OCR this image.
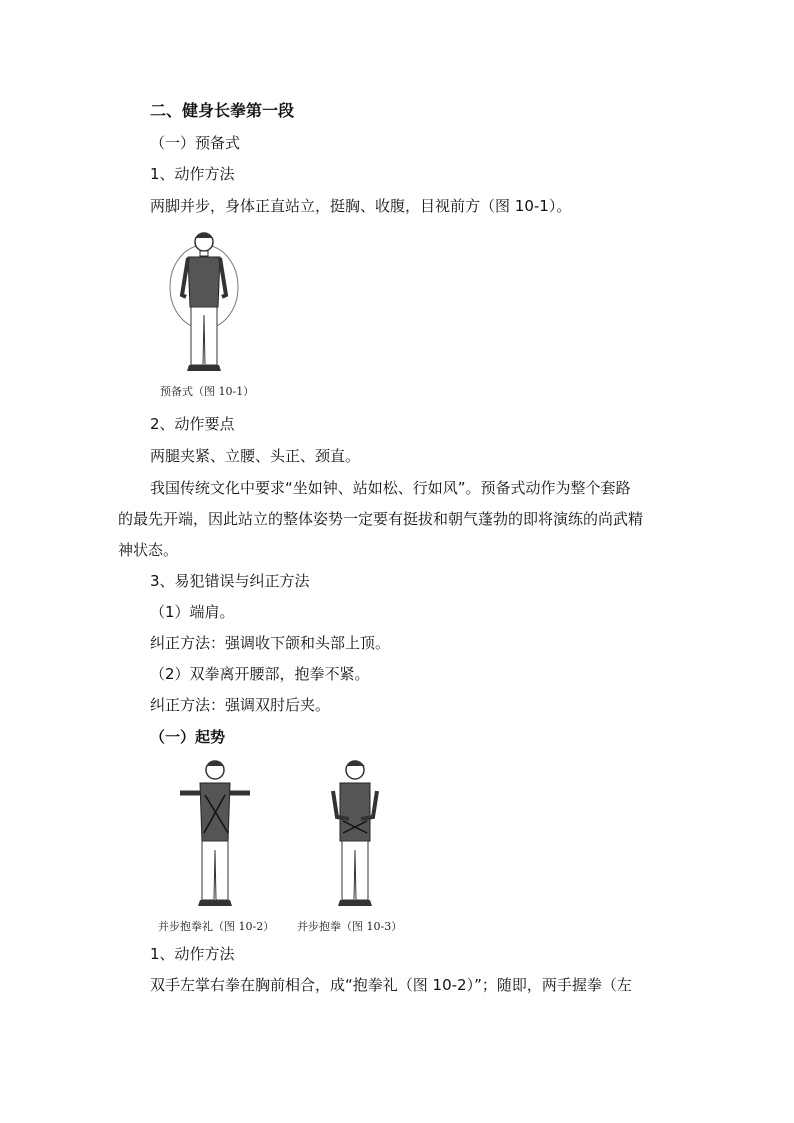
二、健身长拳第一段
（一）预备式
1、动作方法
两脚并步，身体正直站立，挺胸、收腹，目视前方（图 10-1）。
预备式（图 10-1）
2、动作要点
两腿夹紧、立腰、头正、颈直。
我国传统文化中要求“坐如钟、站如松、行如风”。预备式动作为整个套路
的最先开端，因此站立的整体姿势一定要有挺拔和朝气蓬勃的即将演练的尚武精
神状态。
3、易犯错误与纠正方法
（1）端肩。
纠正方法：强调收下颌和头部上顶。
（2）双拳离开腰部，抱拳不紧。
纠正方法：强调双肘后夹。
（一）起势
并步抱拳礼（图 10-2） 并步抱拳（图 10-3）
1、动作方法
双手左掌右拳在胸前相合，成“抱拳礼（图 10-2）”；随即，两手握拳（左
